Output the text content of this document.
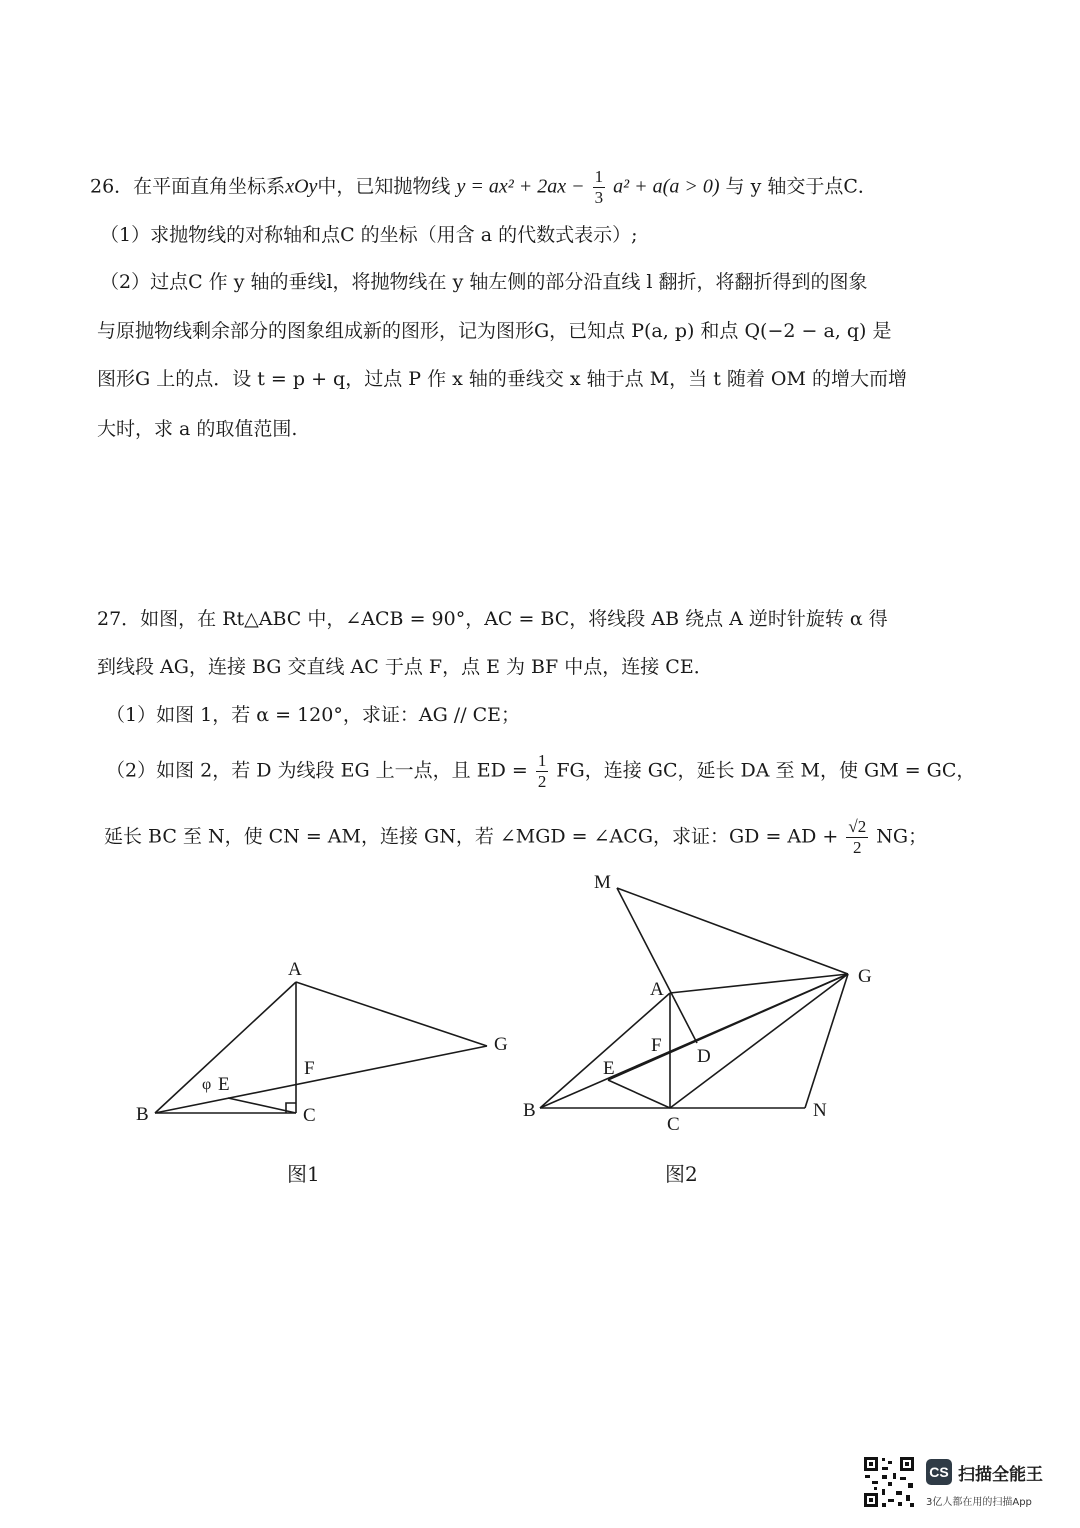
26．在平面直角坐标系xOy中，已知抛物线 $y = ax^2 + 2ax - \frac{1}{3} a^2 + a(a > 0)$ 与 y 轴交于点C．
（1）求抛物线的对称轴和点C 的坐标（用含 a 的代数式表示）;
（2）过点C 作 y 轴的垂线l，将抛物线在 y 轴左侧的部分沿直线 l 翻折，将翻折得到的图象
与原抛物线剩余部分的图象组成新的图形，记为图形G，已知点 P(a, p) 和点 Q(−2 − a, q) 是
图形G 上的点．设 t = p + q，过点 P 作 x 轴的垂线交 x 轴于点 M，当 t 随着 OM 的增大而增
大时，求 a 的取值范围.
27．如图，在 Rt△ABC 中，∠ACB = 90°，AC = BC，将线段 AB 绕点 A 逆时针旋转 α 得
到线段 AG，连接 BG 交直线 AC 于点 F，点 E 为 BF 中点，连接 CE．
（1）如图 1，若 α = 120°，求证：AG // CE；
（2）如图 2，若 D 为线段 EG 上一点，且 ED = $\frac{1}{2}$ FG，连接 GC，延长 DA 至 M，使 GM = GC，
延长 BC 至 N，使 CN = AM，连接 GN，若 ∠MGD = ∠ACG，求证：GD = AD + $\frac{√2}{2}$ NG；
A
B	C
E
φ
F
G
M
A
G
F
D
E
B
C
N
图1	图2
CS 扫描全能王
3亿人都在用的扫描App
